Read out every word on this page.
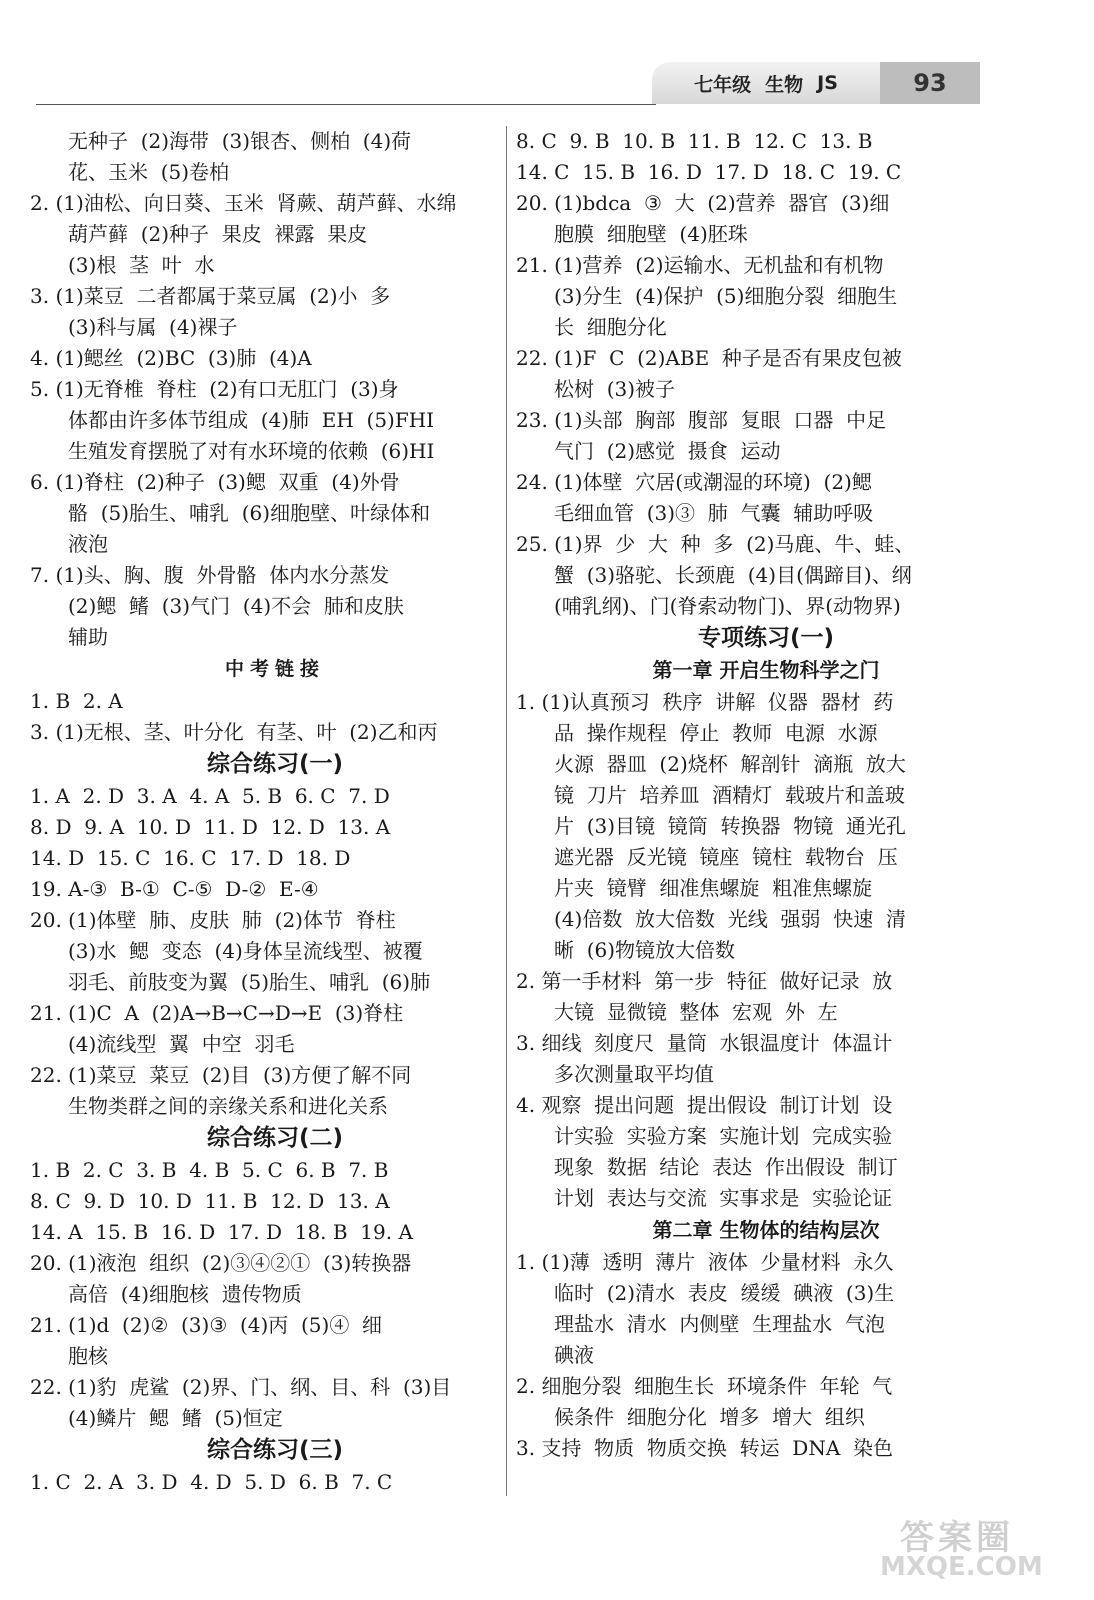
七年级 生物 JS	93
无种子  (2)海带  (3)银杏、侧柏  (4)荷
花、玉米  (5)卷柏
2. (1)油松、向日葵、玉米  肾蕨、葫芦藓、水绵
葫芦藓  (2)种子  果皮  裸露  果皮
(3)根  茎  叶  水
3. (1)菜豆  二者都属于菜豆属  (2)小  多
(3)科与属  (4)裸子
4. (1)鳃丝  (2)BC  (3)肺  (4)A
5. (1)无脊椎  脊柱  (2)有口无肛门  (3)身
体都由许多体节组成  (4)肺  EH  (5)FHI
生殖发育摆脱了对有水环境的依赖  (6)HI
6. (1)脊柱  (2)种子  (3)鳃  双重  (4)外骨
骼  (5)胎生、哺乳  (6)细胞壁、叶绿体和
液泡
7. (1)头、胸、腹  外骨骼  体内水分蒸发
(2)鳃  鳍  (3)气门  (4)不会  肺和皮肤
辅助
中考链接
1. B  2. A
3. (1)无根、茎、叶分化  有茎、叶  (2)乙和丙
综合练习(一)
1. A  2. D  3. A  4. A  5. B  6. C  7. D
8. D  9. A  10. D  11. D  12. D  13. A
14. D  15. C  16. C  17. D  18. D
19. A-③  B-①  C-⑤  D-②  E-④
20. (1)体壁  肺、皮肤  肺  (2)体节  脊柱
(3)水  鳃  变态  (4)身体呈流线型、被覆
羽毛、前肢变为翼  (5)胎生、哺乳  (6)肺
21. (1)C  A  (2)A→B→C→D→E  (3)脊柱
(4)流线型  翼  中空  羽毛
22. (1)菜豆  菜豆  (2)目  (3)方便了解不同
生物类群之间的亲缘关系和进化关系
综合练习(二)
1. B  2. C  3. B  4. B  5. C  6. B  7. B
8. C  9. D  10. D  11. B  12. D  13. A
14. A  15. B  16. D  17. D  18. B  19. A
20. (1)液泡  组织  (2)③④②①  (3)转换器
高倍  (4)细胞核  遗传物质
21. (1)d  (2)②  (3)③  (4)丙  (5)④  细
胞核
22. (1)豹  虎鲨  (2)界、门、纲、目、科  (3)目
(4)鳞片  鳃  鳍  (5)恒定
综合练习(三)
1. C  2. A  3. D  4. D  5. D  6. B  7. C
8. C  9. B  10. B  11. B  12. C  13. B
14. C  15. B  16. D  17. D  18. C  19. C
20. (1)bdca  ③  大  (2)营养  器官  (3)细
胞膜  细胞壁  (4)胚珠
21. (1)营养  (2)运输水、无机盐和有机物
(3)分生  (4)保护  (5)细胞分裂  细胞生
长  细胞分化
22. (1)F  C  (2)ABE  种子是否有果皮包被
松树  (3)被子
23. (1)头部  胸部  腹部  复眼  口器  中足
气门  (2)感觉  摄食  运动
24. (1)体壁  穴居(或潮湿的环境)  (2)鳃
毛细血管  (3)③  肺  气囊  辅助呼吸
25. (1)界  少  大  种  多  (2)马鹿、牛、蛙、
蟹  (3)骆驼、长颈鹿  (4)目(偶蹄目)、纲
(哺乳纲)、门(脊索动物门)、界(动物界)
专项练习(一)
第一章 开启生物科学之门
1. (1)认真预习  秩序  讲解  仪器  器材  药
品  操作规程  停止  教师  电源  水源
火源  器皿  (2)烧杯  解剖针  滴瓶  放大
镜  刀片  培养皿  酒精灯  载玻片和盖玻
片  (3)目镜  镜筒  转换器  物镜  通光孔
遮光器  反光镜  镜座  镜柱  载物台  压
片夹  镜臂  细准焦螺旋  粗准焦螺旋
(4)倍数  放大倍数  光线  强弱  快速  清
晰  (6)物镜放大倍数
2. 第一手材料  第一步  特征  做好记录  放
大镜  显微镜  整体  宏观  外  左
3. 细线  刻度尺  量筒  水银温度计  体温计
多次测量取平均值
4. 观察  提出问题  提出假设  制订计划  设
计实验  实验方案  实施计划  完成实验
现象  数据  结论  表达  作出假设  制订
计划  表达与交流  实事求是  实验论证
第二章 生物体的结构层次
1. (1)薄  透明  薄片  液体  少量材料  永久
临时  (2)清水  表皮  缓缓  碘液  (3)生
理盐水  清水  内侧壁  生理盐水  气泡
碘液
2. 细胞分裂  细胞生长  环境条件  年轮  气
候条件  细胞分化  增多  增大  组织
3. 支持  物质  物质交换  转运  DNA  染色
答案圈
MXQE.COM
